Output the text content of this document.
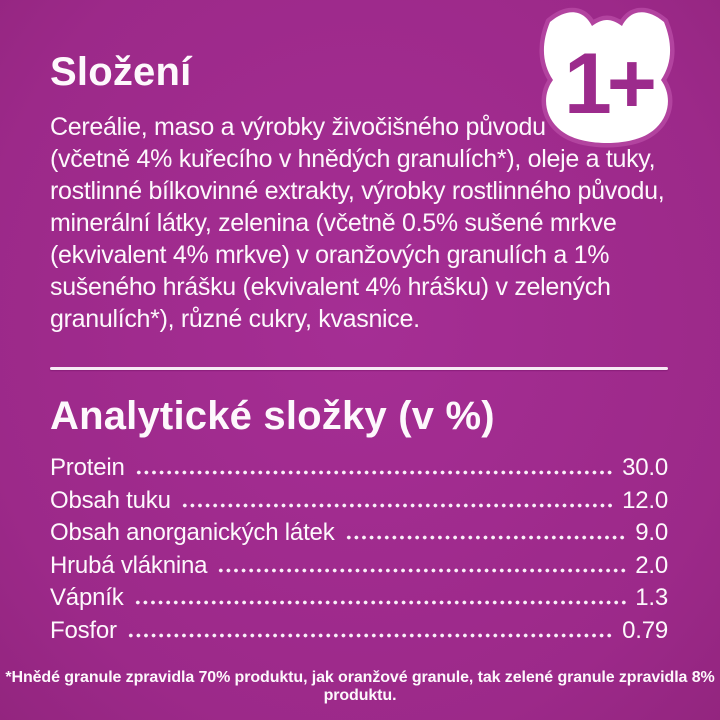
Složení	1+
Cereálie, maso a výrobky živočišného původu
(včetně 4% kuřecího v hnědých granulích*), oleje a tuky,
rostlinné bílkovinné extrakty, výrobky rostlinného původu,
minerální látky, zelenina (včetně 0.5% sušené mrkve
(ekvivalent 4% mrkve) v oranžových granulích a 1%
sušeného hrášku (ekvivalent 4% hrášku) v zelených
granulích*), různé cukry, kvasnice.
Analytické složky (v %)
Protein	30.0
Obsah tuku	12.0
Obsah anorganických látek	9.0
Hrubá vláknina	2.0
Vápník	1.3
Fosfor	0.79
*Hnědé granule zpravidla 70% produktu, jak oranžové granule, tak zelené granule zpravidla 8% produktu.
